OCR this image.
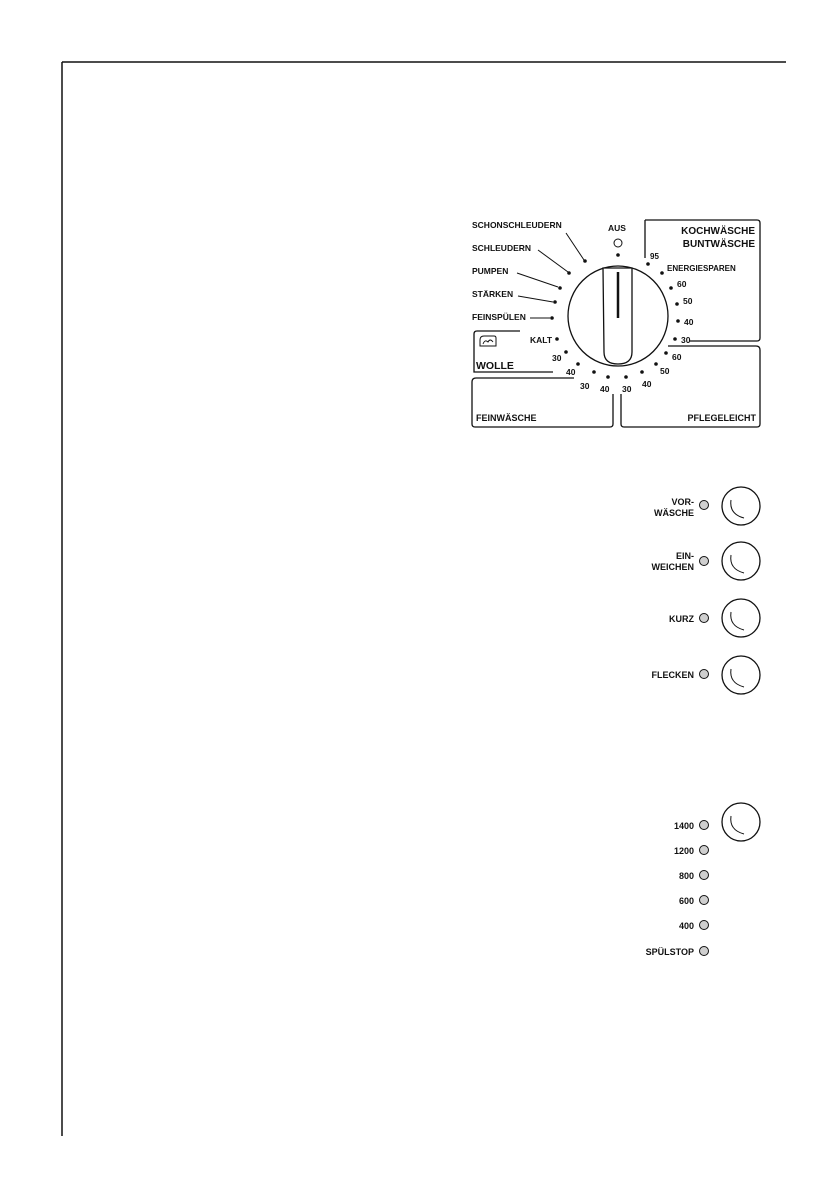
AUS
SCHONSCHLEUDERN
SCHLEUDERN
PUMPEN
STÄRKEN
FEINSPÜLEN
KALT
WOLLE
30
40
30 40
FEINWÄSCHE
30 40
50
60
PFLEGELEICHT
KOCHWÄSCHE
BUNTWÄSCHE
95
ENERGIESPAREN
60
50
40
30
VOR-
WÄSCHE
EIN-
WEICHEN
KURZ
FLECKEN
1400
1200
800
600
400
SPÜLSTOP
